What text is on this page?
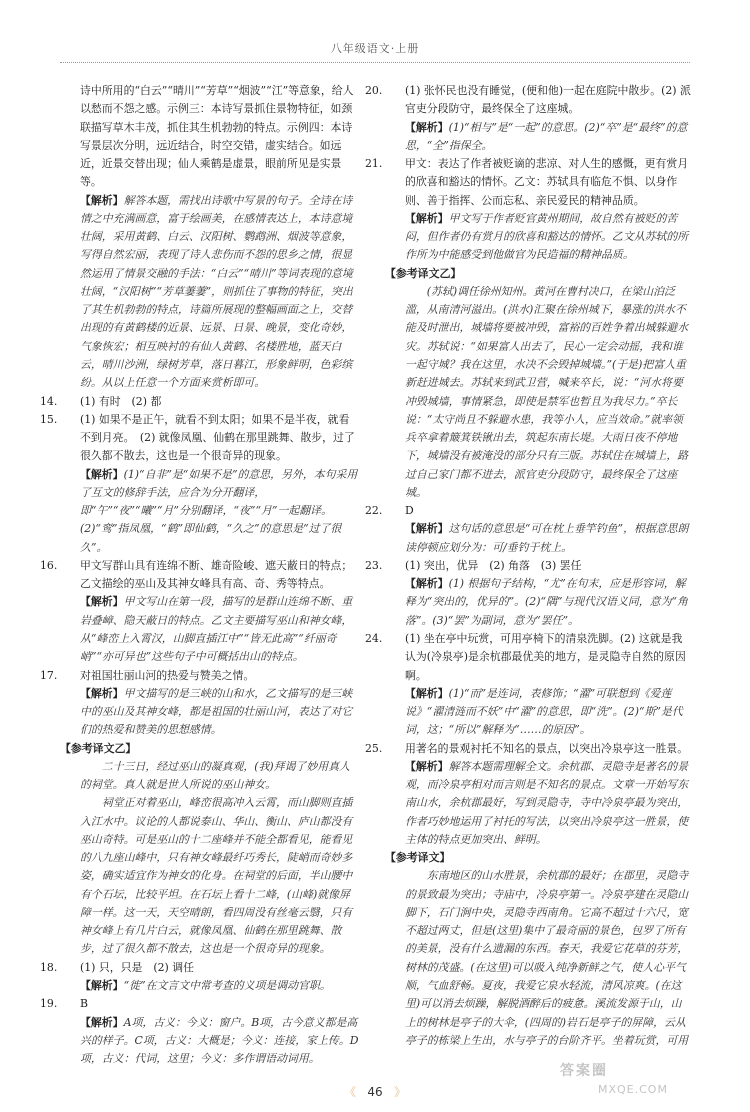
八年级语文·上册

诗中所用的“白云”“晴川”“芳草”“烟波”“江”等意象，给人以愁而不怨之感。示例三：本诗写景抓住景物特征，如颈联描写草木丰茂，抓住其生机勃勃的特点。示例四：本诗写景层次分明，远近结合，时空交错，虚实结合。如远近，近景交替出现；仙人乘鹤是虚景，眼前所见是实景等。

【解析】解答本题，需找出诗歌中写景的句子。全诗在诗情之中充满画意，富于绘画美，在感情表达上，本诗意境壮阔，采用黄鹤、白云、汉阳树、鹦鹉洲、烟波等意象，写得自然宏丽，表现了诗人悲伤而不怨的思乡之情，很显然运用了情景交融的手法：“白云”“晴川”等词表现的意境壮阔，“汉阳树”“芳草萋萋”，则抓住了事物的特征，突出了其生机勃勃的特点，诗篇所展现的整幅画面之上，交替出现的有黄鹤楼的近景、远景、日景、晚景，变化奇妙，气象恢宏；相互映衬的有仙人黄鹤、名楼胜地，蓝天白云，晴川沙洲，绿树芳草，落日暮江，形象鲜明，色彩缤纷。从以上任意一个方面来赏析即可。

14. (1) 有时　(2) 都

15. (1) 如果不是正午，就看不到太阳；如果不是半夜，就看不到月亮。　(2) 就像凤凰、仙鹤在那里跳舞、散步，过了很久都不散去，这也是一个很奇异的现象。

【解析】(1)“自非”是“如果不是”的意思，另外，本句采用了互文的修辞手法，应合为分开翻译，即“午”“夜”“曦”“月”分别翻译，“夜”“月”一起翻译。　(2)“鸾”指凤凰，“鹤”即仙鹤，“久之”的意思是“过了很久”。

16. 甲文写群山具有连绵不断、雄奇险峻、遮天蔽日的特点；乙文描绘的巫山及其神女峰具有高、奇、秀等特点。

【解析】甲文写山在第一段，描写的是群山连绵不断、重岩叠嶂、隐天蔽日的特点。乙文主要描写巫山和神女峰，从“峰峦上入霄汉，山脚直插江中”“皆无此高”“纤丽奇峭”“亦可异也”这些句子中可概括出山的特点。

17. 对祖国壮丽山河的热爱与赞美之情。

【解析】甲文描写的是三峡的山和水，乙文描写的是三峡中的巫山及其神女峰，都是祖国的壮丽山河，表达了对它们的热爱和赞美的思想感情。

【参考译文乙】

二十三日，经过巫山的凝真观，(我)拜谒了妙用真人的祠堂。真人就是世人所说的巫山神女。

祠堂正对着巫山，峰峦很高冲入云霄，而山脚则直插入江水中。议论的人都说泰山、华山、衡山、庐山都没有巫山奇特。可是巫山的十二座峰并不能全都看见，能看见的八九座山峰中，只有神女峰最纤巧秀长，陡峭而奇妙多姿，确实适宜作为神女的化身。在祠堂的后面，半山腰中有个石坛，比较平坦。在石坛上看十二峰，(山峰)就像屏障一样。这一天，天空晴朗，看四周没有丝毫云翳，只有神女峰上有几片白云，就像凤凰、仙鹤在那里跳舞、散步，过了很久都不散去，这也是一个很奇异的现象。

18. (1) 只，只是　(2) 调任

【解析】“徙”在文言文中常考查的义项是调动官职。

19. B

【解析】A项，古义：今义：窗户。B项，古今意义都是高兴的样子。C项，古义：大概是；今义：连接，家上传。D项，古义：代词，这里；今义：多作谓语动词用。

20. (1) 张怀民也没有睡觉，(便和他)一起在庭院中散步。(2) 派官吏分段防守，最终保全了这座城。

【解析】(1)“相与”是“一起”的意思。(2)“卒”是“最终”的意思，“全”指保全。

21. 甲文：表达了作者被贬谪的悲凉、对人生的感慨，更有赏月的欣喜和豁达的情怀。乙文：苏轼具有临危不惧、以身作则、善于指挥、公而忘私、亲民爱民的精神品质。

【解析】甲文写于作者贬官黄州期间，故自然有被贬的苦闷，但作者仍有赏月的欣喜和豁达的情怀。乙文从苏轼的所作所为中能感受到他做官为民造福的精神品质。

【参考译文乙】

(苏轼)调任徐州知州。黄河在曹村决口，在梁山泊泛滥，从南清河溢出。(洪水)汇聚在徐州城下，暴涨的洪水不能及时泄出，城墙将要被冲毁，富裕的百姓争着出城躲避水灾。苏轼说：“如果富人出去了，民心一定会动摇，我和谁一起守城？我在这里，水决不会毁掉城墙。”(于是)把富人重新赶进城去。苏轼来到武卫营，喊来卒长，说：“河水将要冲毁城墙，事情紧急，即使是禁军也暂且为我尽力。”卒长说：“太守尚且不躲避水患，我等小人，应当效命。”就率领兵卒拿着簸箕铁锹出去，筑起东南长堤。大雨日夜不停地下，城墙没有被淹没的部分只有三版。苏轼住在城墙上，路过自己家门都不进去，派官吏分段防守，最终保全了这座城。

22. D

【解析】这句话的意思是“可在枕上垂竿钓鱼”，根据意思朗读停顿应划分为：可/垂钓于枕上。

23. (1) 突出，优异　(2) 角落　(3) 罢任

【解析】(1) 根据句子结构，“尤”在句末，应是形容词，解释为“突出的，优异的”。(2)“隅”与现代汉语义同，意为“角落”。(3)“罢”为副词，意为“罢任”。

24. (1) 坐在亭中玩赏，可用亭椅下的清泉洗脚。(2) 这就是我认为(冷泉亭)是余杭郡最优美的地方，是灵隐寺自然的原因啊。

【解析】(1)“而”是连词，表修饰；“濯”可联想到《爱莲说》“濯清涟而不妖”中“濯”的意思，即“洗”。(2)“斯”是代词，这；“所以”解释为“……的原因”。

25. 用著名的景观衬托不知名的景点，以突出冷泉亭这一胜景。

【解析】解答本题需理解全文。余杭郡、灵隐寺是著名的景观，而冷泉亭相对而言则是不知名的景点。文章一开始写东南山水，余杭郡最好，写到灵隐寺，寺中冷泉亭最为突出，作者巧妙地运用了衬托的写法，以突出冷泉亭这一胜景，使主体的特点更加突出、鲜明。

【参考译文】

东南地区的山水胜景，余杭郡的最好；在郡里，灵隐寺的景致最为突出；寺庙中，冷泉亭第一。冷泉亭建在灵隐山脚下，石门涧中央，灵隐寺西南角。它高不超过十六尺，宽不超过两丈，但是(这里)集中了最奇丽的景色，包罗了所有的美景，没有什么遗漏的东西。春天，我爱它花草的芬芳，树林的茂盛。(在这里)可以吸入纯净新鲜之气，使人心平气顺，气血舒畅。夏夜，我爱它泉水轻流，清风凉爽。(在这里)可以消去烦躁，解脱酒醉后的疲惫。溪流发源于山，山上的树林是亭子的大伞，(四周的)岩石是亭子的屏障，云从亭子的栋梁上生出，水与亭子的台阶齐平。坐着玩赏，可用

《 46 》
答案圈
MXQE.COM
